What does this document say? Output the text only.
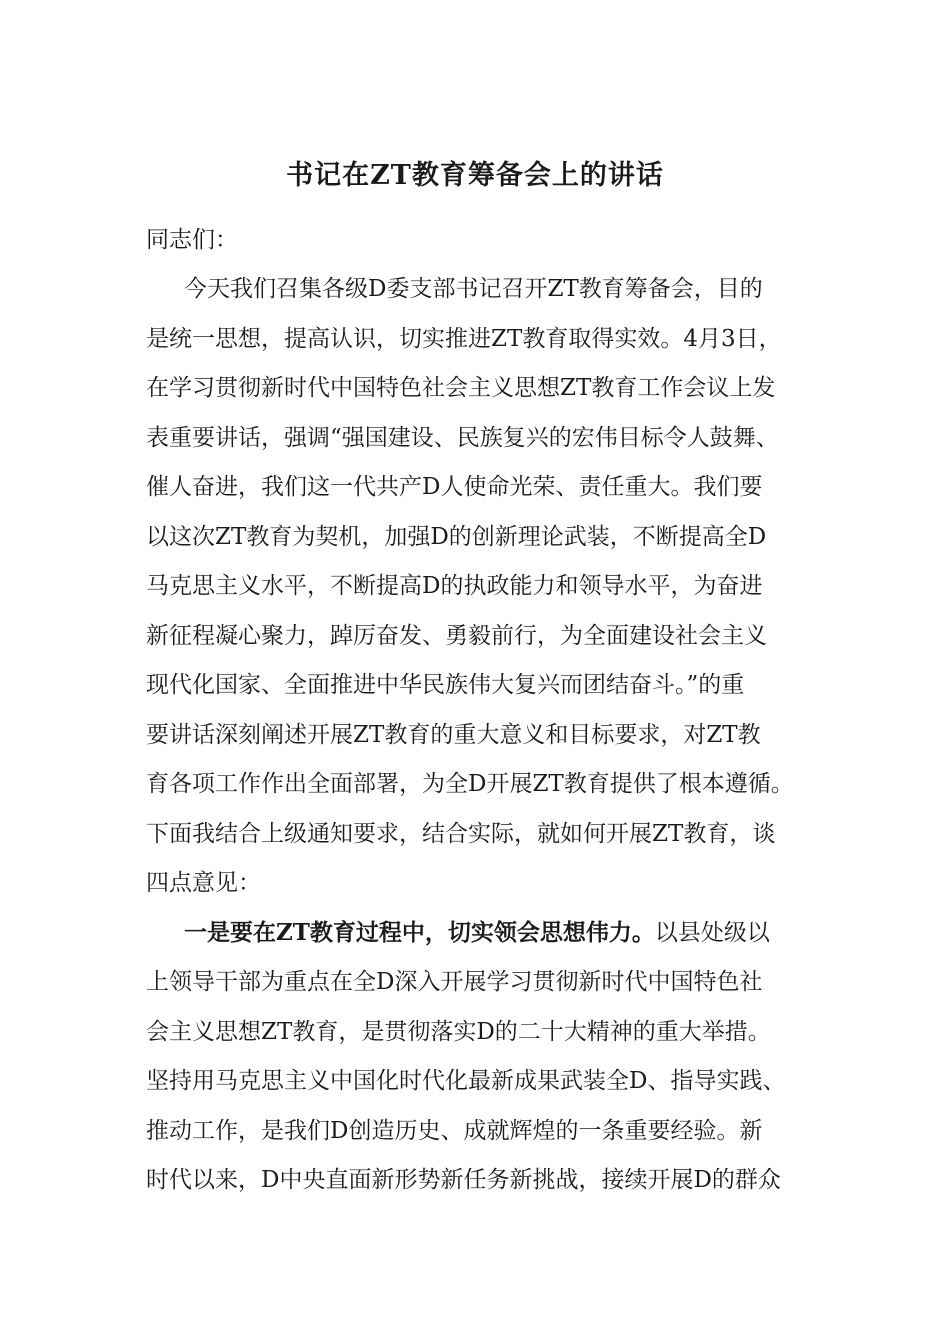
书记在ZT教育筹备会上的讲话
同志们：
今天我们召集各级D委支部书记召开ZT教育筹备会，目的
是统一思想，提高认识，切实推进ZT教育取得实效。4月3日，
在学习贯彻新时代中国特色社会主义思想ZT教育工作会议上发
表重要讲话，强调“强国建设、民族复兴的宏伟目标令人鼓舞、
催人奋进，我们这一代共产D人使命光荣、责任重大。我们要
以这次ZT教育为契机，加强D的创新理论武装，不断提高全D
马克思主义水平，不断提高D的执政能力和领导水平，为奋进
新征程凝心聚力，踔厉奋发、勇毅前行，为全面建设社会主义
现代化国家、全面推进中华民族伟大复兴而团结奋斗。”的重
要讲话深刻阐述开展ZT教育的重大意义和目标要求，对ZT教
育各项工作作出全面部署，为全D开展ZT教育提供了根本遵循。
下面我结合上级通知要求，结合实际，就如何开展ZT教育，谈
四点意见：
一是要在ZT教育过程中，切实领会思想伟力。以县处级以
上领导干部为重点在全D深入开展学习贯彻新时代中国特色社
会主义思想ZT教育，是贯彻落实D的二十大精神的重大举措。
坚持用马克思主义中国化时代化最新成果武装全D、指导实践、
推动工作，是我们D创造历史、成就辉煌的一条重要经验。新
时代以来，D中央直面新形势新任务新挑战，接续开展D的群众
